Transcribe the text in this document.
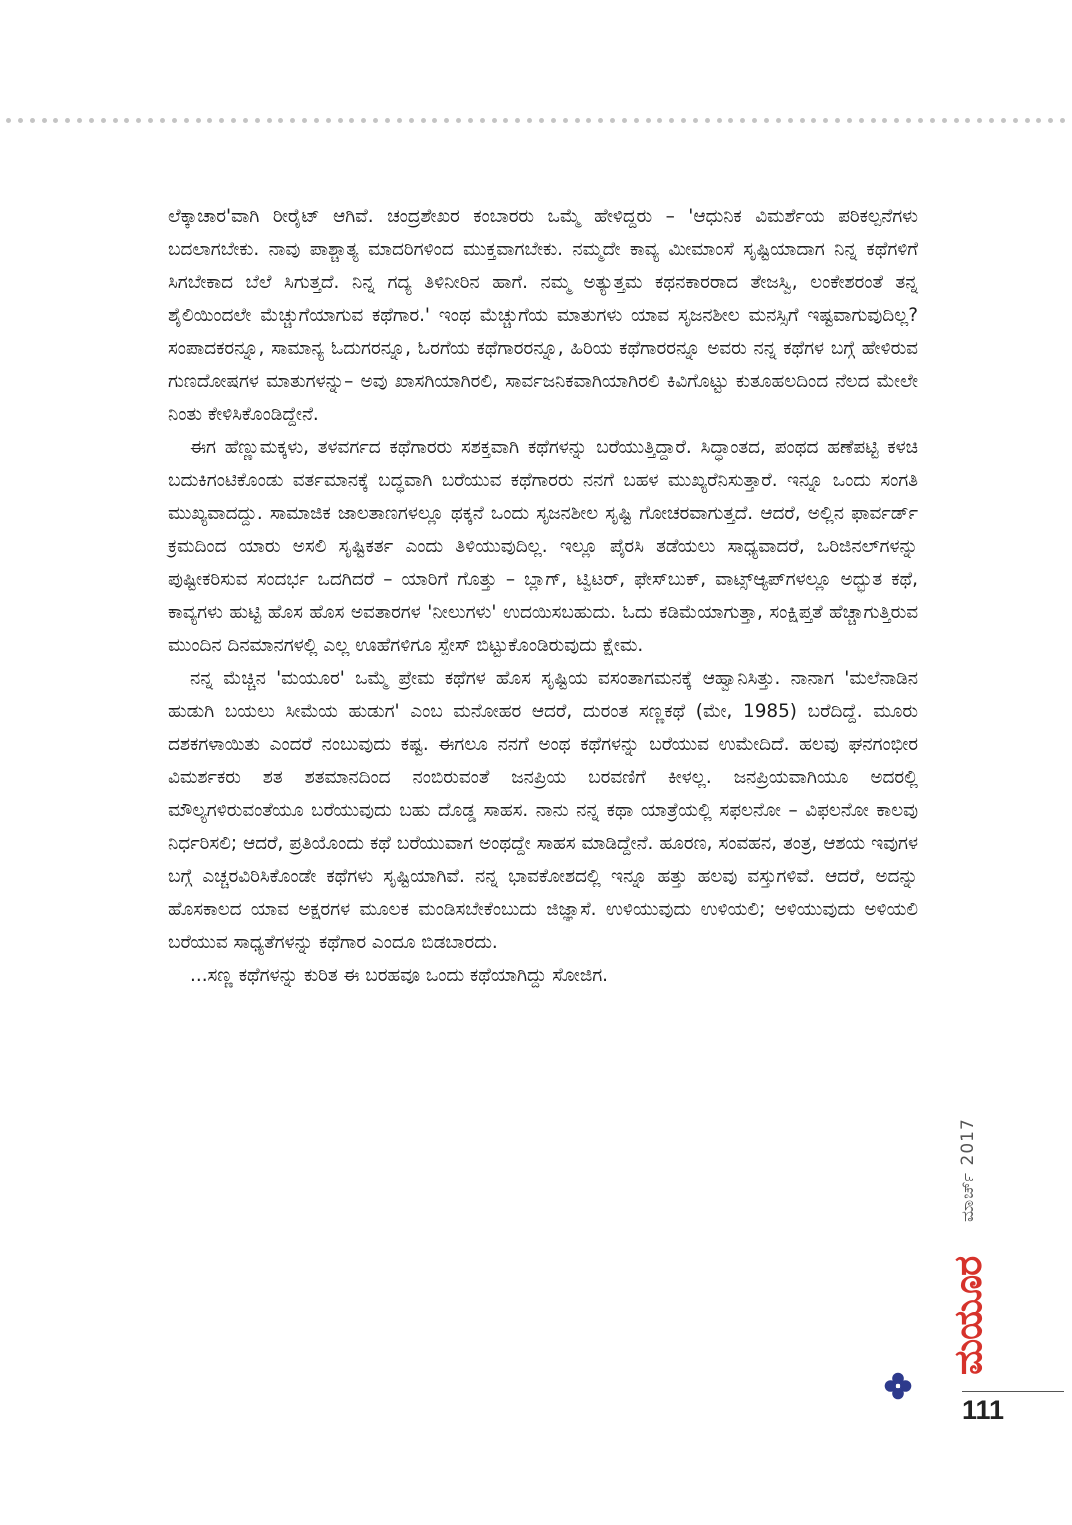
ಲೆಕ್ಕಾಚಾರ'ವಾಗಿ ರೀರೈಟ್ ಆಗಿವೆ. ಚಂದ್ರಶೇಖರ ಕಂಬಾರರು ಒಮ್ಮೆ ಹೇಳಿದ್ದರು – 'ಆಧುನಿಕ ವಿಮರ್ಶೆಯ ಪರಿಕಲ್ಪನೆಗಳು ಬದಲಾಗಬೇಕು. ನಾವು ಪಾಶ್ಚಾತ್ಯ ಮಾದರಿಗಳಿಂದ ಮುಕ್ತವಾಗಬೇಕು. ನಮ್ಮದೇ ಕಾವ್ಯ ಮೀಮಾಂಸೆ ಸೃಷ್ಟಿಯಾದಾಗ ನಿನ್ನ ಕಥೆಗಳಿಗೆ ಸಿಗಬೇಕಾದ ಬೆಲೆ ಸಿಗುತ್ತದೆ. ನಿನ್ನ ಗದ್ಯ ತಿಳಿನೀರಿನ ಹಾಗೆ. ನಮ್ಮ ಅತ್ಯುತ್ತಮ ಕಥನಕಾರರಾದ ತೇಜಸ್ವಿ, ಲಂಕೇಶರಂತೆ ತನ್ನ ಶೈಲಿಯಿಂದಲೇ ಮೆಚ್ಚುಗೆಯಾಗುವ ಕಥೆಗಾರ.' ಇಂಥ ಮೆಚ್ಚುಗೆಯ ಮಾತುಗಳು ಯಾವ ಸೃಜನಶೀಲ ಮನಸ್ಸಿಗೆ ಇಷ್ಟವಾಗುವುದಿಲ್ಲ? ಸಂಪಾದಕರನ್ನೂ, ಸಾಮಾನ್ಯ ಓದುಗರನ್ನೂ, ಓರಗೆಯ ಕಥೆಗಾರರನ್ನೂ, ಹಿರಿಯ ಕಥೆಗಾರರನ್ನೂ ಅವರು ನನ್ನ ಕಥೆಗಳ ಬಗ್ಗೆ ಹೇಳಿರುವ ಗುಣದೋಷಗಳ ಮಾತುಗಳನ್ನು– ಅವು ಖಾಸಗಿಯಾಗಿರಲಿ, ಸಾರ್ವಜನಿಕವಾಗಿಯಾಗಿರಲಿ ಕಿವಿಗೊಟ್ಟು ಕುತೂಹಲದಿಂದ ನೆಲದ ಮೇಲೇ ನಿಂತು ಕೇಳಿಸಿಕೊಂಡಿದ್ದೇನೆ.

ಈಗ ಹೆಣ್ಣುಮಕ್ಕಳು, ತಳವರ್ಗದ ಕಥೆಗಾರರು ಸಶಕ್ತವಾಗಿ ಕಥೆಗಳನ್ನು ಬರೆಯುತ್ತಿದ್ದಾರೆ. ಸಿದ್ಧಾಂತದ, ಪಂಥದ ಹಣೆಪಟ್ಟಿ ಕಳಚಿ ಬದುಕಿಗಂಟಿಕೊಂಡು ವರ್ತಮಾನಕ್ಕೆ ಬದ್ಧವಾಗಿ ಬರೆಯುವ ಕಥೆಗಾರರು ನನಗೆ ಬಹಳ ಮುಖ್ಯರೆನಿಸುತ್ತಾರೆ. ಇನ್ನೂ ಒಂದು ಸಂಗತಿ ಮುಖ್ಯವಾದದ್ದು. ಸಾಮಾಜಿಕ ಜಾಲತಾಣಗಳಲ್ಲೂ ಥಕ್ಕನೆ ಒಂದು ಸೃಜನಶೀಲ ಸೃಷ್ಟಿ ಗೋಚರವಾಗುತ್ತದೆ. ಆದರೆ, ಅಲ್ಲಿನ ಫಾರ್ವರ್ಡ್ ಕ್ರಮದಿಂದ ಯಾರು ಅಸಲಿ ಸೃಷ್ಟಿಕರ್ತ ಎಂದು ತಿಳಿಯುವುದಿಲ್ಲ. ಇಲ್ಲೂ ಪೈರಸಿ ತಡೆಯಲು ಸಾಧ್ಯವಾದರೆ, ಒರಿಜಿನಲ್‌ಗಳನ್ನು ಪುಷ್ಟೀಕರಿಸುವ ಸಂದರ್ಭ ಒದಗಿದರೆ – ಯಾರಿಗೆ ಗೊತ್ತು – ಬ್ಲಾಗ್, ಟ್ವಿಟರ್, ಫೇಸ್‌ಬುಕ್, ವಾಟ್ಸ್‌ಆ್ಯಪ್‌ಗಳಲ್ಲೂ ಅದ್ಭುತ ಕಥೆ, ಕಾವ್ಯಗಳು ಹುಟ್ಟಿ ಹೊಸ ಹೊಸ ಅವತಾರಗಳ 'ನೀಲುಗಳು' ಉದಯಿಸಬಹುದು. ಓದು ಕಡಿಮೆಯಾಗುತ್ತಾ, ಸಂಕ್ಷಿಪ್ತತೆ ಹೆಚ್ಚಾಗುತ್ತಿರುವ ಮುಂದಿನ ದಿನಮಾನಗಳಲ್ಲಿ ಎಲ್ಲ ಊಹೆಗಳಿಗೂ ಸ್ಪೇಸ್ ಬಿಟ್ಟುಕೊಂಡಿರುವುದು ಕ್ಷೇಮ.

ನನ್ನ ಮೆಚ್ಚಿನ 'ಮಯೂರ' ಒಮ್ಮೆ ಪ್ರೇಮ ಕಥೆಗಳ ಹೊಸ ಸೃಷ್ಟಿಯ ವಸಂತಾಗಮನಕ್ಕೆ ಆಹ್ವಾನಿಸಿತ್ತು. ನಾನಾಗ 'ಮಲೆನಾಡಿನ ಹುಡುಗಿ ಬಯಲು ಸೀಮೆಯ ಹುಡುಗ' ಎಂಬ ಮನೋಹರ ಆದರೆ, ದುರಂತ ಸಣ್ಣಕಥೆ (ಮೇ, 1985) ಬರೆದಿದ್ದೆ. ಮೂರು ದಶಕಗಳಾಯಿತು ಎಂದರೆ ನಂಬುವುದು ಕಷ್ಟ. ಈಗಲೂ ನನಗೆ ಅಂಥ ಕಥೆಗಳನ್ನು ಬರೆಯುವ ಉಮೇದಿದೆ. ಹಲವು ಘನಗಂಭೀರ ವಿಮರ್ಶಕರು ಶತ ಶತಮಾನದಿಂದ ನಂಬಿರುವಂತೆ ಜನಪ್ರಿಯ ಬರವಣಿಗೆ ಕೀಳಲ್ಲ. ಜನಪ್ರಿಯವಾಗಿಯೂ ಅದರಲ್ಲಿ ಮೌಲ್ಯಗಳಿರುವಂತೆಯೂ ಬರೆಯುವುದು ಬಹು ದೊಡ್ಡ ಸಾಹಸ. ನಾನು ನನ್ನ ಕಥಾ ಯಾತ್ರೆಯಲ್ಲಿ ಸಫಲನೋ – ವಿಫಲನೋ ಕಾಲವು ನಿರ್ಧರಿಸಲಿ; ಆದರೆ, ಪ್ರತಿಯೊಂದು ಕಥೆ ಬರೆಯುವಾಗ ಅಂಥದ್ದೇ ಸಾಹಸ ಮಾಡಿದ್ದೇನೆ. ಹೂರಣ, ಸಂವಹನ, ತಂತ್ರ, ಆಶಯ ಇವುಗಳ ಬಗ್ಗೆ ಎಚ್ಚರವಿರಿಸಿಕೊಂಡೇ ಕಥೆಗಳು ಸೃಷ್ಟಿಯಾಗಿವೆ. ನನ್ನ ಭಾವಕೋಶದಲ್ಲಿ ಇನ್ನೂ ಹತ್ತು ಹಲವು ವಸ್ತುಗಳಿವೆ. ಆದರೆ, ಅದನ್ನು ಹೊಸಕಾಲದ ಯಾವ ಅಕ್ಷರಗಳ ಮೂಲಕ ಮಂಡಿಸಬೇಕೆಂಬುದು ಜಿಜ್ಞಾಸೆ. ಉಳಿಯುವುದು ಉಳಿಯಲಿ; ಅಳಿಯುವುದು ಅಳಿಯಲಿ ಬರೆಯುವ ಸಾಧ್ಯತೆಗಳನ್ನು ಕಥೆಗಾರ ಎಂದೂ ಬಿಡಬಾರದು.

...ಸಣ್ಣ ಕಥೆಗಳನ್ನು ಕುರಿತ ಈ ಬರಹವೂ ಒಂದು ಕಥೆಯಾಗಿದ್ದು ಸೋಜಿಗ.

ಮಾರ್ಚ್ 2017
ಮಯೂರ
111
